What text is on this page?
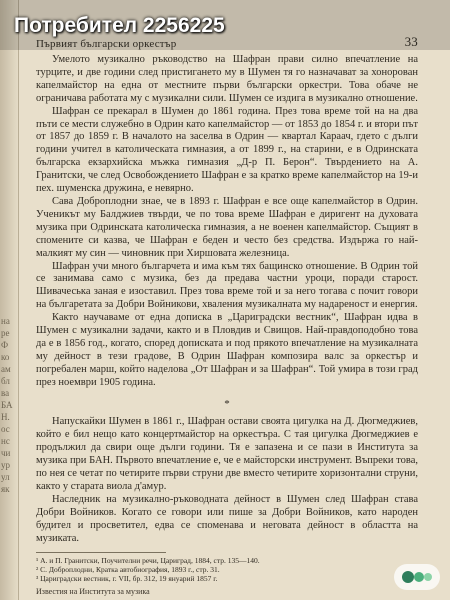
Потребител 2256225
на
ре
Ф
ко
ам
бл
ва
БА
Н.
ос
нс
чи
ур
ул
як
Първият български оркестър	33

Умелото музикално ръководство на Шафран прави силно впечатление на турците, и две години след пристигането му в Шумен тя го назначават за хонорован капелмайстор на една от местните първи български оркестри. Това обаче не ограничава работата му с музикални сили. Шумен се издига в музикално отношение.

Шафран се прекарал в Шумен до 1861 година. През това време той на на два пъти се мести служебно в Одрин като капелмайстор — от 1853 до 1854 г. и втори път от 1857 до 1859 г. В началото на заселва в Одрин — квартал Караач, гдето с дълги години учител в католическата гимназия, а от 1899 г., на старини, е в Одринската българска екзархийска мъжка гимназия „Д-р П. Берон“. Твърдението на А. Гранитски, че след Освобождението Шафран е за кратко време капелмайстор на 19-и пех. шуменска дружина, е невярно.

Сава Доброплодни знае, че в 1893 г. Шафран е все още капелмайстор в Одрин. Ученикът му Балджиев твърди, че по това време Шафран е диригент на духовата музика при Одринската католическа гимназия, а не военен капелмайстор. Същият в спомените си казва, че Шафран е беден и често без средства. Издържа го най-малкият му син — чиновник при Хиршовата железница.

Шафран учи много българчета и има към тях бащинско отношение. В Одрин той се занимава само с музика, без да предава частни уроци, поради старост. Шивачеська заная е изоставил. През това време той и за него тогава с почит говори на българетата за Добри Войникови, хваления музикалната му надареност и енергия.

Както научаваме от една дописка в „Цариградски вестник“, Шафран идва в Шумен с музикални задачи, както и в Пловдив и Свищов. Най-правдоподобно това да е в 1856 год., когато, според дописката и под прякото впечатление на музикалната му дейност в тези градове, В Одрин Шафран композира валс за оркестър и погребален марш, който наделова „От Шафран и за Шафран“. Той умира в този град през ноември 1905 година.

*

Напускайки Шумен в 1861 г., Шафран остави своята цигулка на Д. Дюгмеджиев, който е бил нещо като концертмайстор на оркестъра. С тая цигулка Дюгмеджиев е продължил да свири още дълги години. Тя е запазена и се пази в Институтa за музика при БАН. Първото впечатление е, че е майсторски инструмент. Въпреки това, по нея се четат по четирите първи струни две вместо четирите хоризонтални струни, както у старата виола д'амур.

Наследник на музикално-ръководната дейност в Шумен след Шафран става Добри Войников. Когато се говори или пише за Добри Войников, като народен будител и просветител, едва се споменава и неговата дейност в областта на музиката.

¹ А. и П. Гранитски, Поучителни речи, Цариград, 1884, стр. 135—140.
² С. Доброплодни, Кратка автобиография, 1893 г., стр. 31.
³ Цариградски вестник, г. VII, бр. 312, 19 януарий 1857 г.
Известия на Института за музика
